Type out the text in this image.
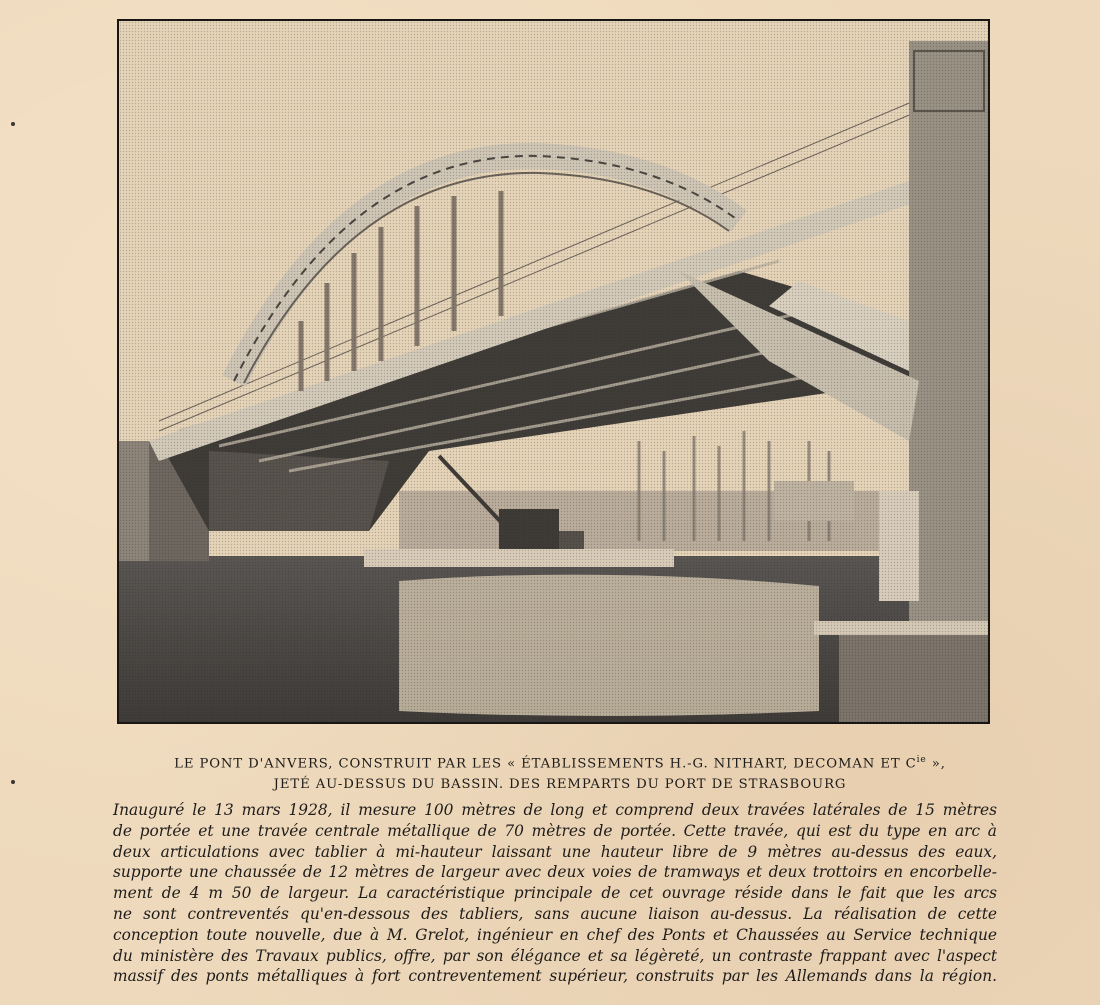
LE PONT D'ANVERS, CONSTRUIT PAR LES « ÉTABLISSEMENTS H.-G. NITHART, DECOMAN ET $C^{ie}$ »,
JETÉ AU-DESSUS DU BASSIN. DES REMPARTS DU PORT DE STRASBOURG
Inauguré le 13 mars 1928, il mesure 100 mètres de long et comprend deux travées latérales de 15 mètres
de portée et une travée centrale métallique de 70 mètres de portée. Cette travée, qui est du type en arc à
deux articulations avec tablier à mi-hauteur laissant une hauteur libre de 9 mètres au-dessus des eaux,
supporte une chaussée de 12 mètres de largeur avec deux voies de tramways et deux trottoirs en encorbelle-
ment de 4 m 50 de largeur. La caractéristique principale de cet ouvrage réside dans le fait que les arcs
ne sont contreventés qu'en-dessous des tabliers, sans aucune liaison au-dessus. La réalisation de cette
conception toute nouvelle, due à M. Grelot, ingénieur en chef des Ponts et Chaussées au Service technique
du ministère des Travaux publics, offre, par son élégance et sa légèreté, un contraste frappant avec l'aspect
massif des ponts métalliques à fort contreventement supérieur, construits par les Allemands dans la région.
